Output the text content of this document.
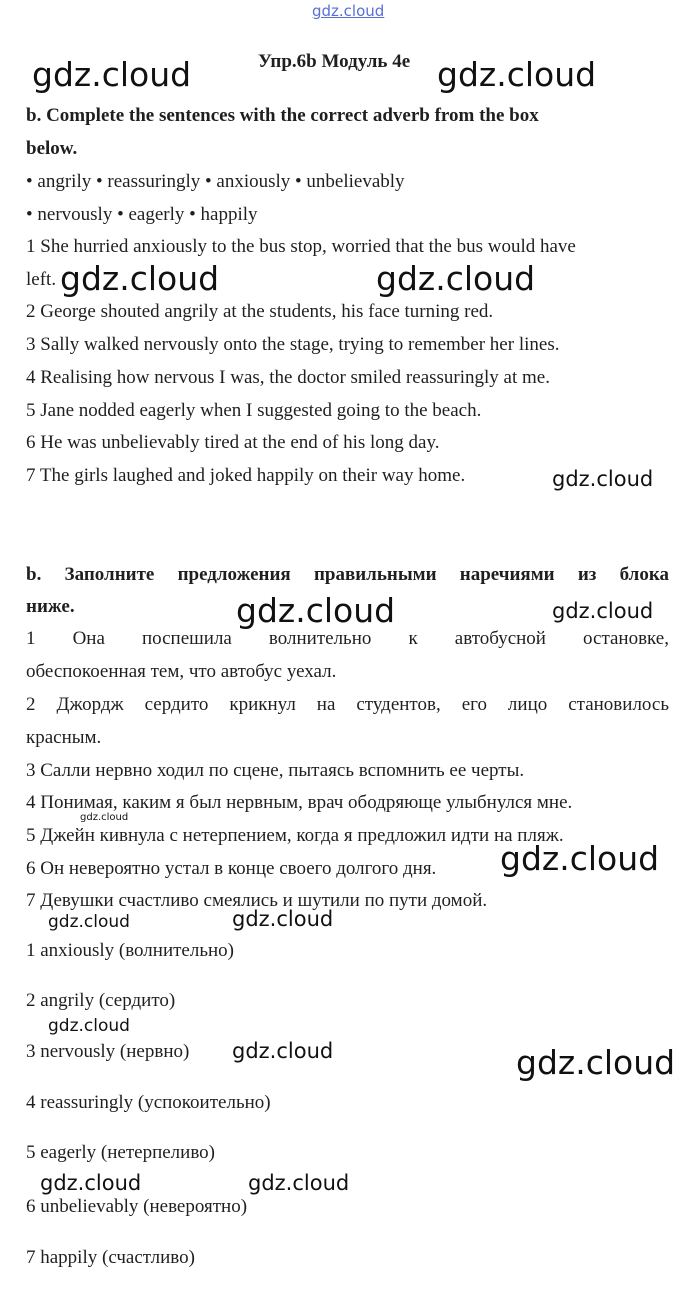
Упр.6b Модуль 4e
b. Complete the sentences with the correct adverb from the box
below.
• angrily • reassuringly • anxiously • unbelievably
• nervously • eagerly • happily
1 She hurried anxiously to the bus stop, worried that the bus would have
left.
2 George shouted angrily at the students, his face turning red.
3 Sally walked nervously onto the stage, trying to remember her lines.
4 Realising how nervous I was, the doctor smiled reassuringly at me.
5 Jane nodded eagerly when I suggested going to the beach.
6 He was unbelievably tired at the end of his long day.
7 The girls laughed and joked happily on their way home.
b. Заполните предложения правильными наречиями из блока
ниже.
1 Она поспешила волнительно к автобусной остановке,
обеспокоенная тем, что автобус уехал.
2 Джордж сердито крикнул на студентов, его лицо становилось
красным.
3 Салли нервно ходил по сцене, пытаясь вспомнить ее черты.
4 Понимая, каким я был нервным, врач ободряюще улыбнулся мне.
5 Джейн кивнула с нетерпением, когда я предложил идти на пляж.
6 Он невероятно устал в конце своего долгого дня.
7 Девушки счастливо смеялись и шутили по пути домой.
1 anxiously (волнительно)
2 angrily (сердито)
3 nervously (нервно)
4 reassuringly (успокоительно)
5 eagerly (нетерпеливо)
6 unbelievably (невероятно)
7 happily (счастливо)
gdz.cloud
gdz.cloud	gdz.cloud
gdz.cloud	gdz.cloud
gdz.cloud
gdz.cloud	gdz.cloud
gdz.cloud
gdz.cloud
gdz.cloud	gdz.cloud
gdz.cloud
gdz.cloud	gdz.cloud
gdz.cloud	gdz.cloud
